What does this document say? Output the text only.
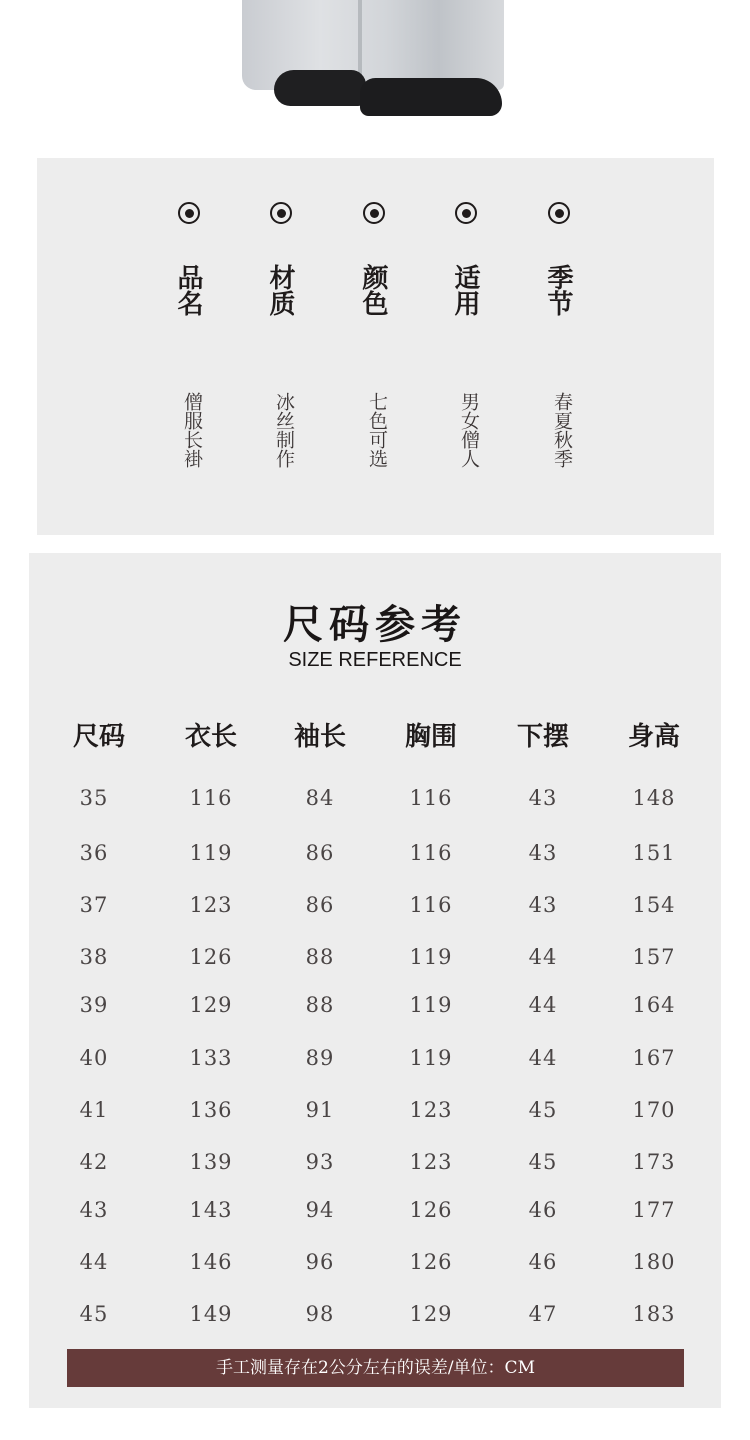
品名
僧服长褂
材质
冰丝制作
颜色
七色可选
适用
男女僧人
季节
春夏秋季
尺码参考
SIZE REFERENCE
尺码	衣长	袖长	胸围	下摆	身高
35	116	84	116	43	148
36	119	86	116	43	151
37	123	86	116	43	154
38	126	88	119	44	157
39	129	88	119	44	164
40	133	89	119	44	167
41	136	91	123	45	170
42	139	93	123	45	173
43	143	94	126	46	177
44	146	96	126	46	180
45	149	98	129	47	183
手工测量存在2公分左右的误差/单位：CM
